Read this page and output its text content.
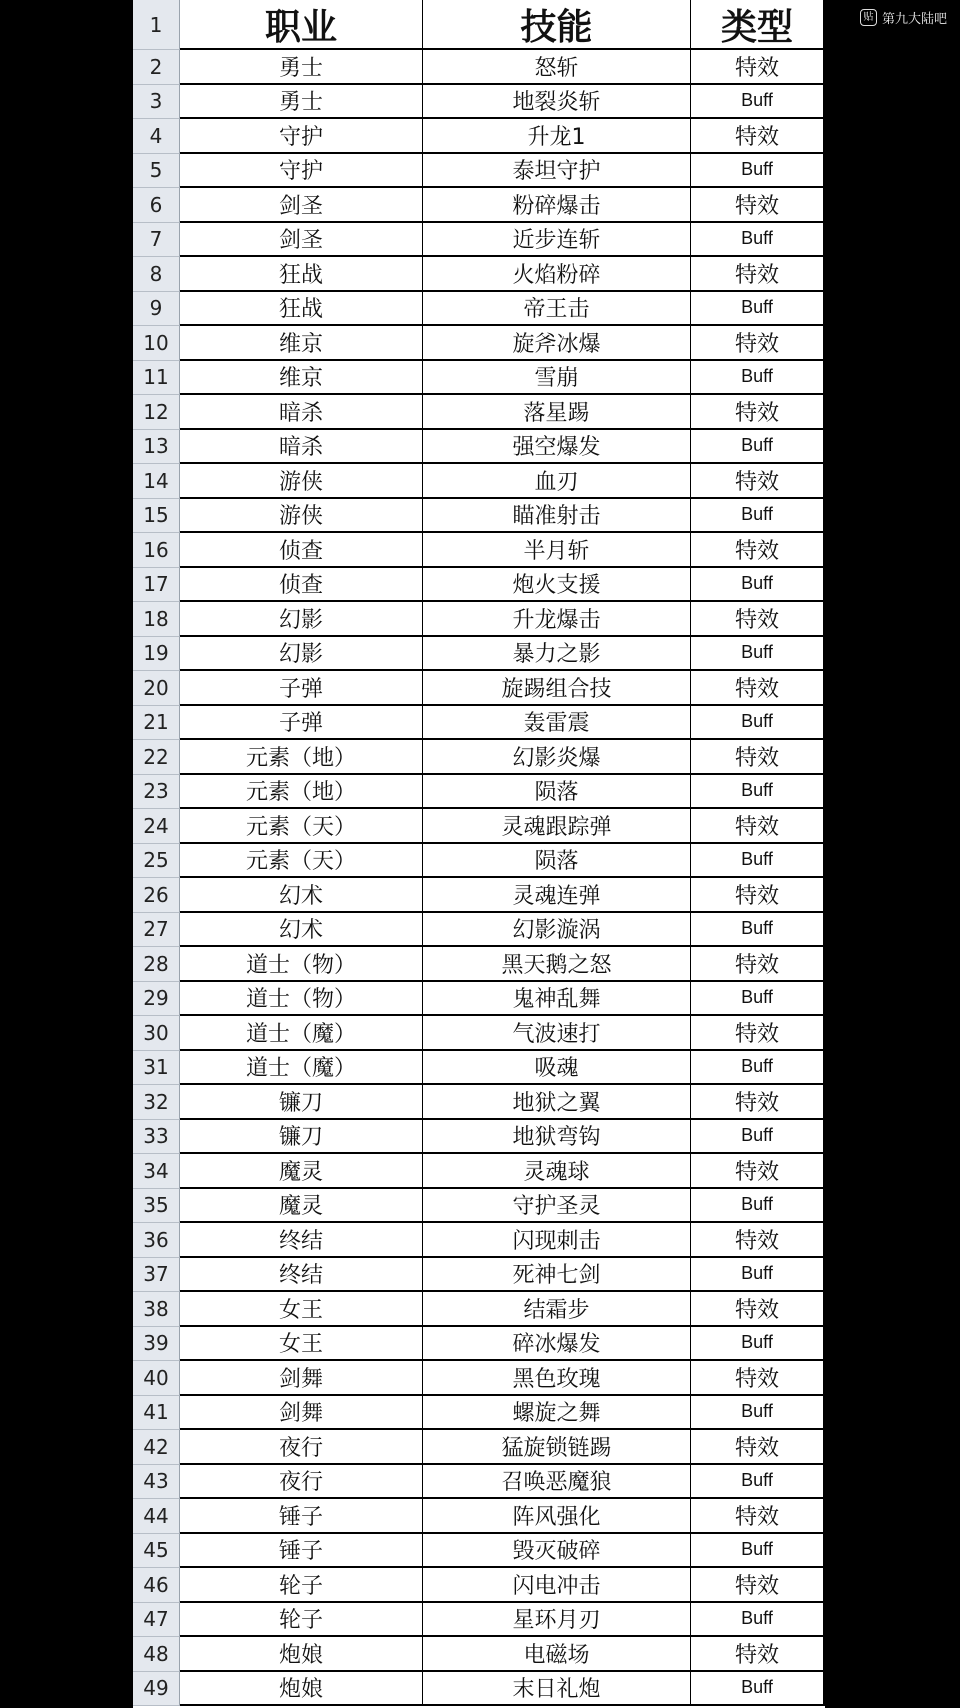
1	职业	技能	类型
2	勇士	怒斩	特效
3	勇士	地裂炎斩	Buff
4	守护	升龙1	特效
5	守护	泰坦守护	Buff
6	剑圣	粉碎爆击	特效
7	剑圣	近步连斩	Buff
8	狂战	火焰粉碎	特效
9	狂战	帝王击	Buff
10	维京	旋斧冰爆	特效
11	维京	雪崩	Buff
12	暗杀	落星踢	特效
13	暗杀	强空爆发	Buff
14	游侠	血刃	特效
15	游侠	瞄准射击	Buff
16	侦查	半月斩	特效
17	侦查	炮火支援	Buff
18	幻影	升龙爆击	特效
19	幻影	暴力之影	Buff
20	子弹	旋踢组合技	特效
21	子弹	轰雷震	Buff
22	元素（地）	幻影炎爆	特效
23	元素（地）	陨落	Buff
24	元素（天）	灵魂跟踪弹	特效
25	元素（天）	陨落	Buff
26	幻术	灵魂连弹	特效
27	幻术	幻影漩涡	Buff
28	道士（物）	黑天鹅之怒	特效
29	道士（物）	鬼神乱舞	Buff
30	道士（魔）	气波速打	特效
31	道士（魔）	吸魂	Buff
32	镰刀	地狱之翼	特效
33	镰刀	地狱弯钩	Buff
34	魔灵	灵魂球	特效
35	魔灵	守护圣灵	Buff
36	终结	闪现刺击	特效
37	终结	死神七剑	Buff
38	女王	结霜步	特效
39	女王	碎冰爆发	Buff
40	剑舞	黑色玫瑰	特效
41	剑舞	螺旋之舞	Buff
42	夜行	猛旋锁链踢	特效
43	夜行	召唤恶魔狼	Buff
44	锤子	阵风强化	特效
45	锤子	毁灭破碎	Buff
46	轮子	闪电冲击	特效
47	轮子	星环月刃	Buff
48	炮娘	电磁场	特效
49	炮娘	末日礼炮	Buff
贴 第九大陆吧
